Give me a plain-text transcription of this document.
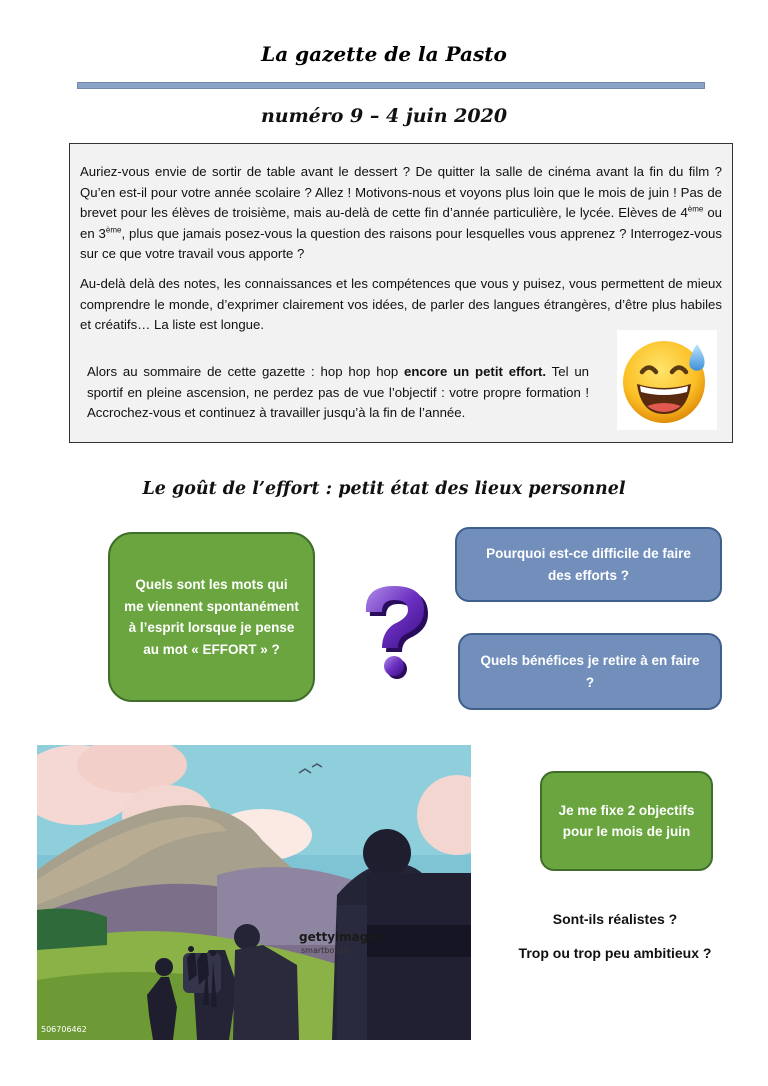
La gazette de la Pasto
numéro 9 – 4 juin 2020

Auriez-vous envie de sortir de table avant le dessert ? De quitter la salle de cinéma avant la fin du film ? Qu’en est-il pour votre année scolaire ? Allez ! Motivons-nous et voyons plus loin que le mois de juin ! Pas de brevet pour les élèves de troisième, mais au-delà de cette fin d’année particulière, le lycée. Elèves de 4ème ou en 3ème, plus que jamais posez-vous la question des raisons pour lesquelles vous apprenez ? Interrogez-vous sur ce que votre travail vous apporte ?

Au-delà delà des notes, les connaissances et les compétences que vous y puisez, vous permettent de mieux comprendre le monde, d’exprimer clairement vos idées, de parler des langues étrangères, d’être plus habiles et créatifs… La liste est longue.

Alors au sommaire de cette gazette : hop hop hop encore un petit effort. Tel un sportif en pleine ascension, ne perdez pas de vue l’objectif : votre propre formation ! Accrochez-vous et continuez à travailler jusqu’à la fin de l’année.

Le goût de l’effort : petit état des lieux personnel
Quels sont les mots qui me viennent spontanément à l’esprit lorsque je pense au mot « EFFORT » ?
Pourquoi est-ce difficile de faire des efforts ?
Quels bénéfices je retire à en faire ?
gettyimages
smartboy10
506706462
Je me fixe 2 objectifs pour le mois de juin
Sont-ils réalistes ?
Trop ou trop peu ambitieux ?
